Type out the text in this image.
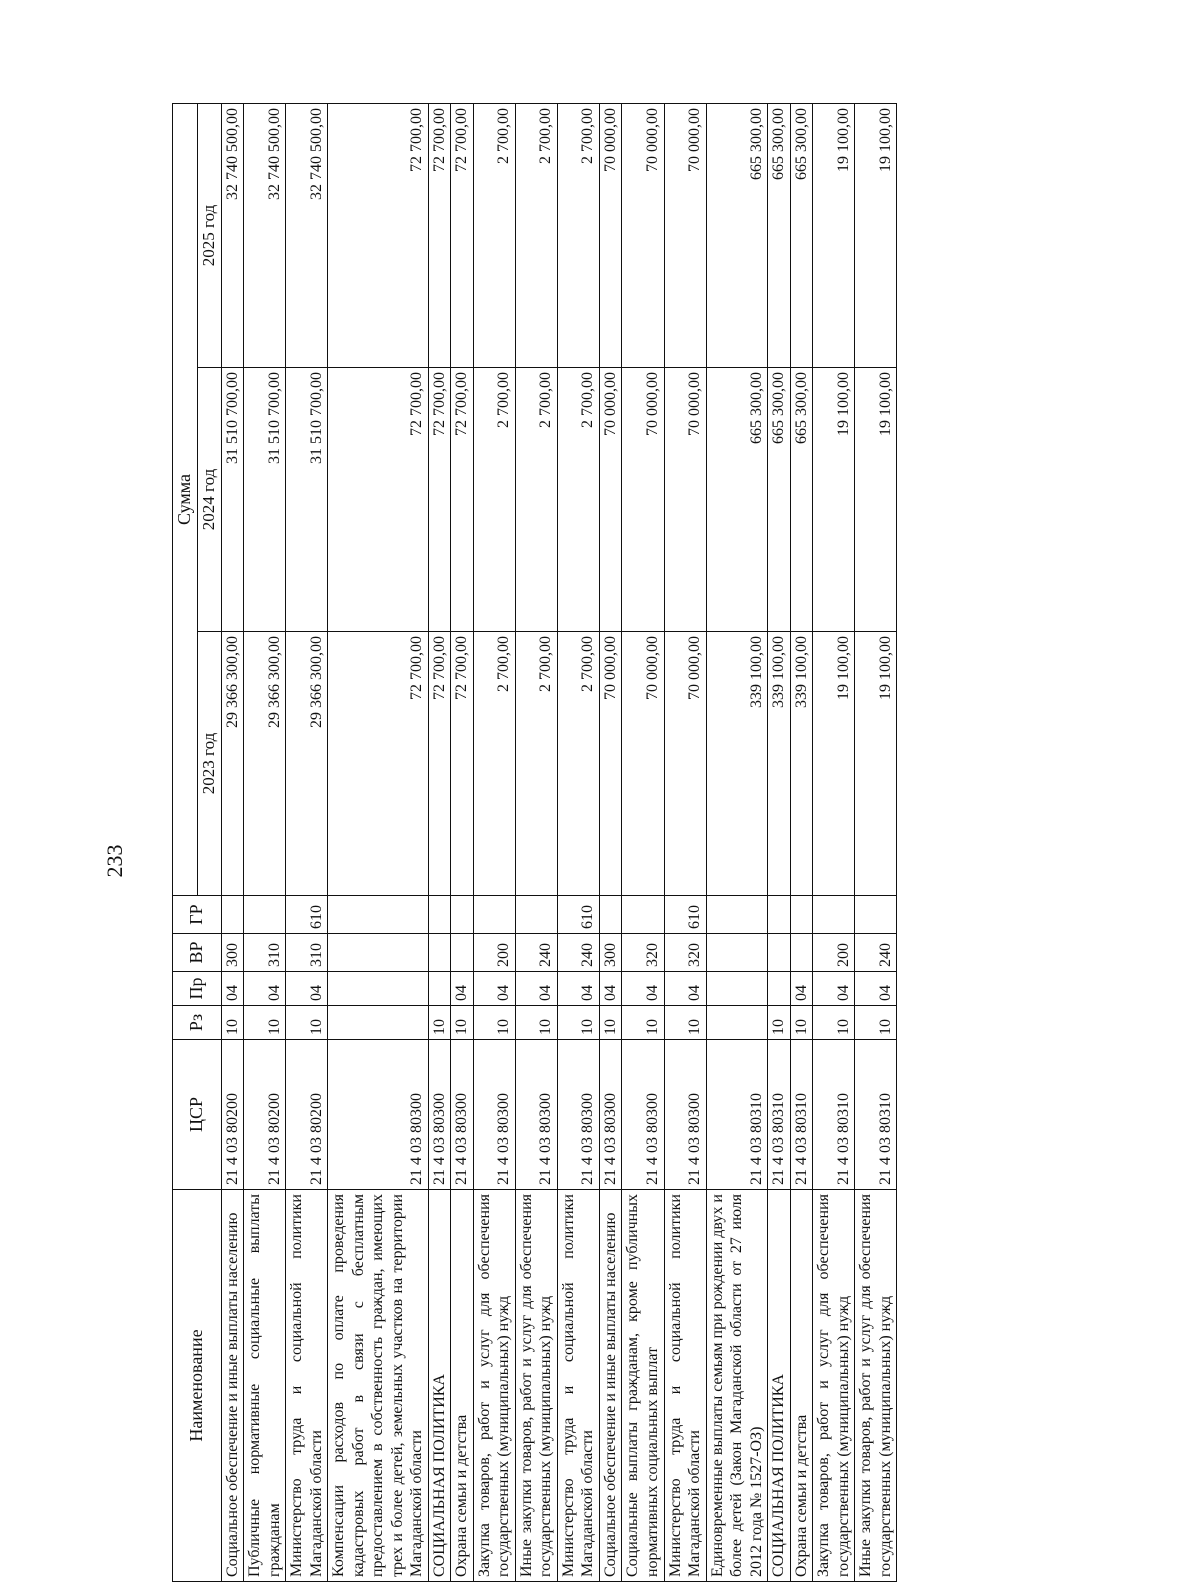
233
Наименование	ЦСР	Рз	Пр	ВР	ГР	Сумма		
						2023 год	2024 год	2025 год
Социальное обеспечение и иные выплаты населению	21 4 03 80200	10	04	300		29 366 300,00	31 510 700,00	32 740 500,00
Публичные нормативные социальные выплаты гражданам	21 4 03 80200	10	04	310		29 366 300,00	31 510 700,00	32 740 500,00
Министерство труда и социальной политики Магаданской области	21 4 03 80200	10	04	310	610	29 366 300,00	31 510 700,00	32 740 500,00
Компенсации расходов по оплате проведения кадастровых работ в связи с бесплатным предоставлением в собственность граждан, имеющих трех и более детей, земельных участков на территории Магаданской области	21 4 03 80300					72 700,00	72 700,00	72 700,00
СОЦИАЛЬНАЯ ПОЛИТИКА	21 4 03 80300	10				72 700,00	72 700,00	72 700,00
Охрана семьи и детства	21 4 03 80300	10	04			72 700,00	72 700,00	72 700,00
Закупка товаров, работ и услуг для обеспечения государственных (муниципальных) нужд	21 4 03 80300	10	04	200		2 700,00	2 700,00	2 700,00
Иные закупки товаров, работ и услуг для обеспечения государственных (муниципальных) нужд	21 4 03 80300	10	04	240		2 700,00	2 700,00	2 700,00
Министерство труда и социальной политики Магаданской области	21 4 03 80300	10	04	240	610	2 700,00	2 700,00	2 700,00
Социальное обеспечение и иные выплаты населению	21 4 03 80300	10	04	300		70 000,00	70 000,00	70 000,00
Социальные выплаты гражданам, кроме публичных нормативных социальных выплат	21 4 03 80300	10	04	320		70 000,00	70 000,00	70 000,00
Министерство труда и социальной политики Магаданской области	21 4 03 80300	10	04	320	610	70 000,00	70 000,00	70 000,00
Единовременные выплаты семьям при рождении двух и более детей (Закон Магаданской области от 27 июля 2012 года № 1527-ОЗ)	21 4 03 80310					339 100,00	665 300,00	665 300,00
СОЦИАЛЬНАЯ ПОЛИТИКА	21 4 03 80310	10				339 100,00	665 300,00	665 300,00
Охрана семьи и детства	21 4 03 80310	10	04			339 100,00	665 300,00	665 300,00
Закупка товаров, работ и услуг для обеспечения государственных (муниципальных) нужд	21 4 03 80310	10	04	200		19 100,00	19 100,00	19 100,00
Иные закупки товаров, работ и услуг для обеспечения государственных (муниципальных) нужд	21 4 03 80310	10	04	240		19 100,00	19 100,00	19 100,00
